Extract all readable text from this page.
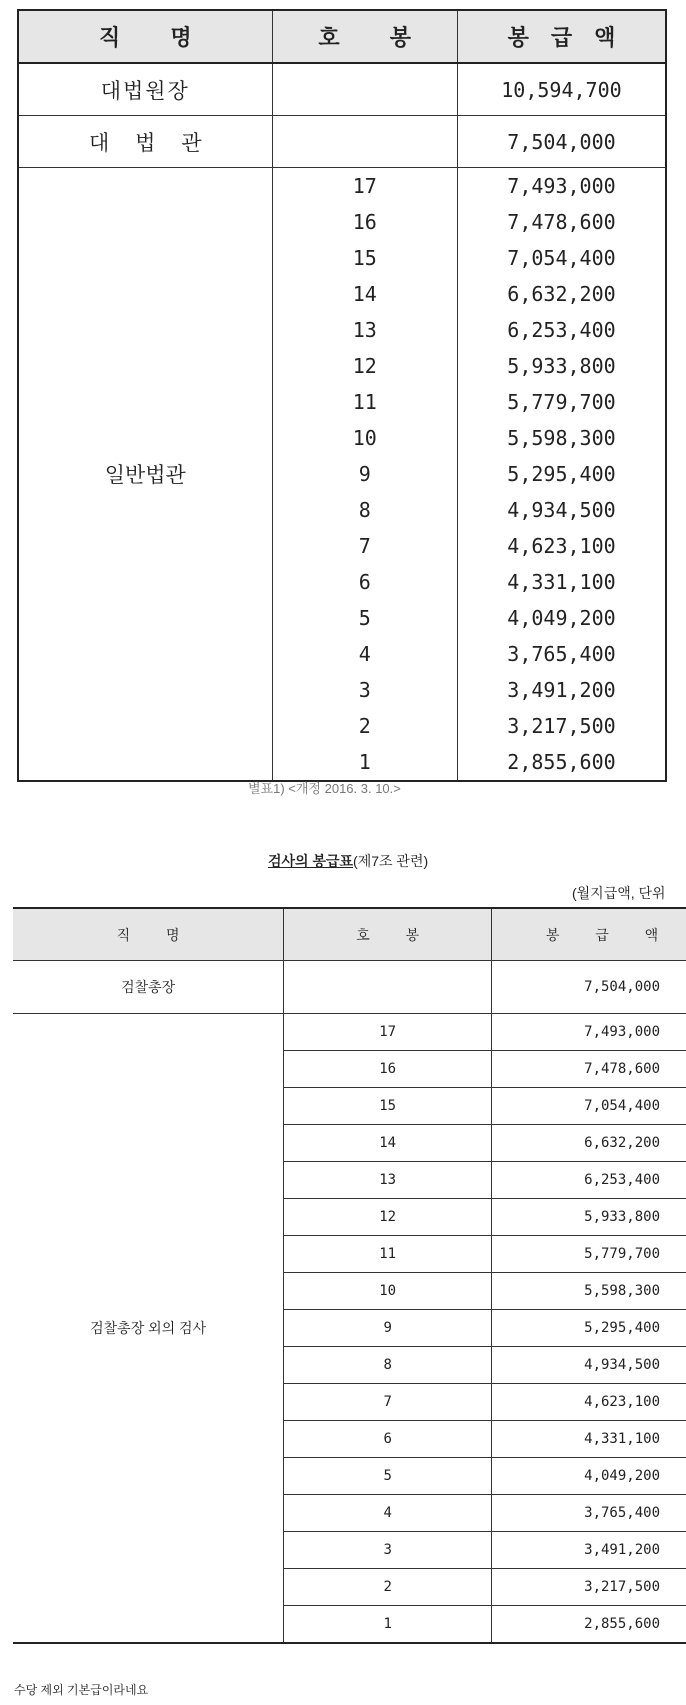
직 명	호 봉	봉급액
대법원장		10,594,700
대 법 관		7,504,000
일반법관	17	7,493,000
	16	7,478,600
	15	7,054,400
	14	6,632,200
	13	6,253,400
	12	5,933,800
	11	5,779,700
	10	5,598,300
	9	5,295,400
	8	4,934,500
	7	4,623,100
	6	4,331,100
	5	4,049,200
	4	3,765,400
	3	3,491,200
	2	3,217,500
	1	2,855,600
별표1) <개정 2016. 3. 10.>
검사의 봉급표(제7조 관련)
(월지급액, 단위
직 명	호 봉	봉 급 액
검찰총장		7,504,000
검찰총장 외의 검사	17	7,493,000
	16	7,478,600
	15	7,054,400
	14	6,632,200
	13	6,253,400
	12	5,933,800
	11	5,779,700
	10	5,598,300
	9	5,295,400
	8	4,934,500
	7	4,623,100
	6	4,331,100
	5	4,049,200
	4	3,765,400
	3	3,491,200
	2	3,217,500
	1	2,855,600
수당 제외 기본급이라네요
